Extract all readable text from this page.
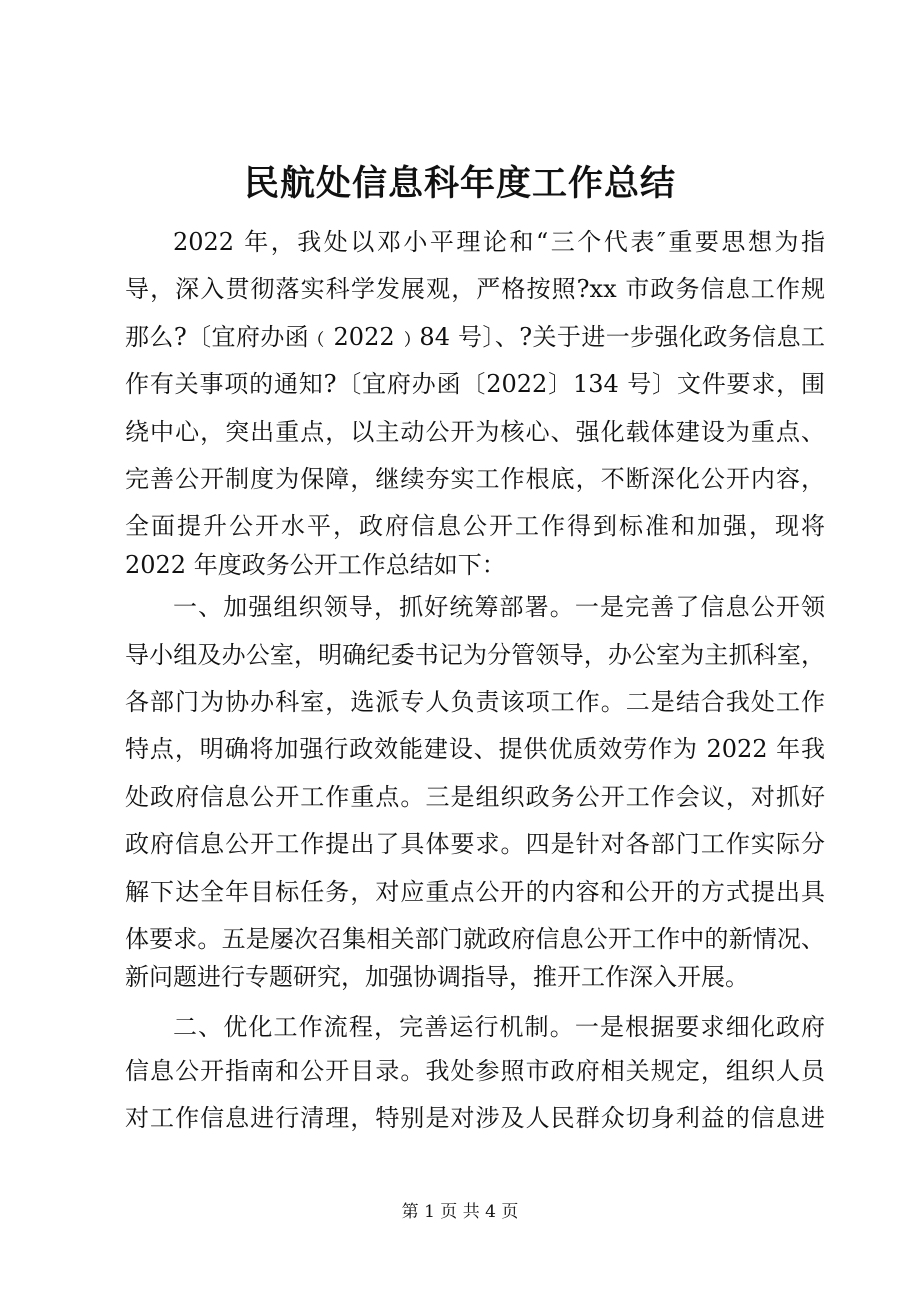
民航处信息科年度工作总结
2022 年，我处以邓小平理论和“三个代表″重要思想为指
导，深入贯彻落实科学发展观，严格按照?xx 市政务信息工作规
那么?〔宜府办函﹙2022﹚84 号〕、?关于进一步强化政务信息工
作有关事项的通知?〔宜府办函〔2022〕134 号〕文件要求，围
绕中心，突出重点，以主动公开为核心、强化载体建设为重点、
完善公开制度为保障，继续夯实工作根底，不断深化公开内容，
全面提升公开水平，政府信息公开工作得到标准和加强，现将
2022 年度政务公开工作总结如下：
一、加强组织领导，抓好统筹部署。一是完善了信息公开领
导小组及办公室，明确纪委书记为分管领导，办公室为主抓科室，
各部门为协办科室，选派专人负责该项工作。二是结合我处工作
特点，明确将加强行政效能建设、提供优质效劳作为 2022 年我
处政府信息公开工作重点。三是组织政务公开工作会议，对抓好
政府信息公开工作提出了具体要求。四是针对各部门工作实际分
解下达全年目标任务，对应重点公开的内容和公开的方式提出具
体要求。五是屡次召集相关部门就政府信息公开工作中的新情况、
新问题进行专题研究，加强协调指导，推开工作深入开展。
二、优化工作流程，完善运行机制。一是根据要求细化政府
信息公开指南和公开目录。我处参照市政府相关规定，组织人员
对工作信息进行清理，特别是对涉及人民群众切身利益的信息进
第 1 页 共 4 页
